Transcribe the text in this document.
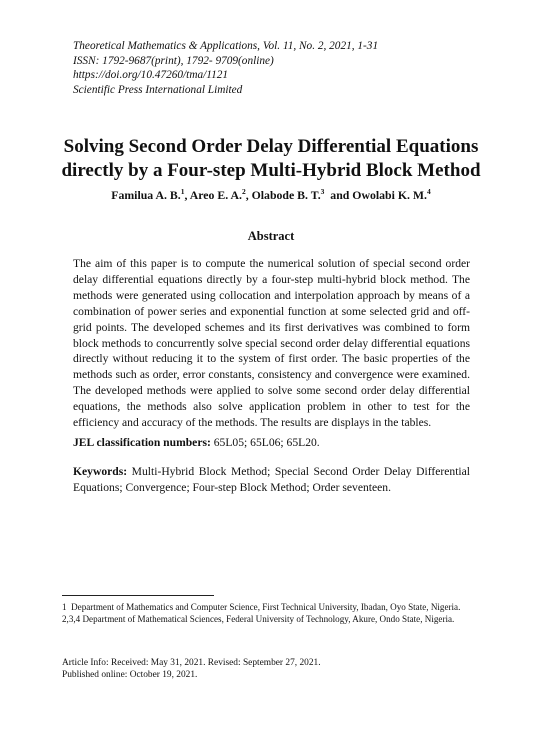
Theoretical Mathematics & Applications, Vol. 11, No. 2, 2021, 1-31
ISSN: 1792-9687(print), 1792- 9709(online)
https://doi.org/10.47260/tma/1121
Scientific Press International Limited
Solving Second Order Delay Differential Equations
directly by a Four-step Multi-Hybrid Block Method
Familua A. B.$^1$, Areo E. A.$^2$, Olabode B. T.$^3$  and Owolabi K. M.$^4$
Abstract

The aim of this paper is to compute the numerical solution of special second order delay differential equations directly by a four-step multi-hybrid block method. The methods were generated using collocation and interpolation approach by means of a combination of power series and exponential function at some selected grid and off-grid points. The developed schemes and its first derivatives was combined to form block methods to concurrently solve special second order delay differential equations directly without reducing it to the system of first order. The basic properties of the methods such as order, error constants, consistency and convergence were examined. The developed methods were applied to solve some second order delay differential equations, the methods also solve application problem in other to test for the efficiency and accuracy of the methods. The results are displays in the tables.

JEL classification numbers: 65L05; 65L06; 65L20.
Keywords: Multi-Hybrid Block Method; Special Second Order Delay Differential Equations; Convergence; Four-step Block Method; Order seventeen.

1  Department of Mathematics and Computer Science, First Technical University, Ibadan, Oyo State, Nigeria.

2,3,4 Department of Mathematical Sciences, Federal University of Technology, Akure, Ondo State, Nigeria.

Article Info: Received: May 31, 2021. Revised: September 27, 2021.
Published online: October 19, 2021.
